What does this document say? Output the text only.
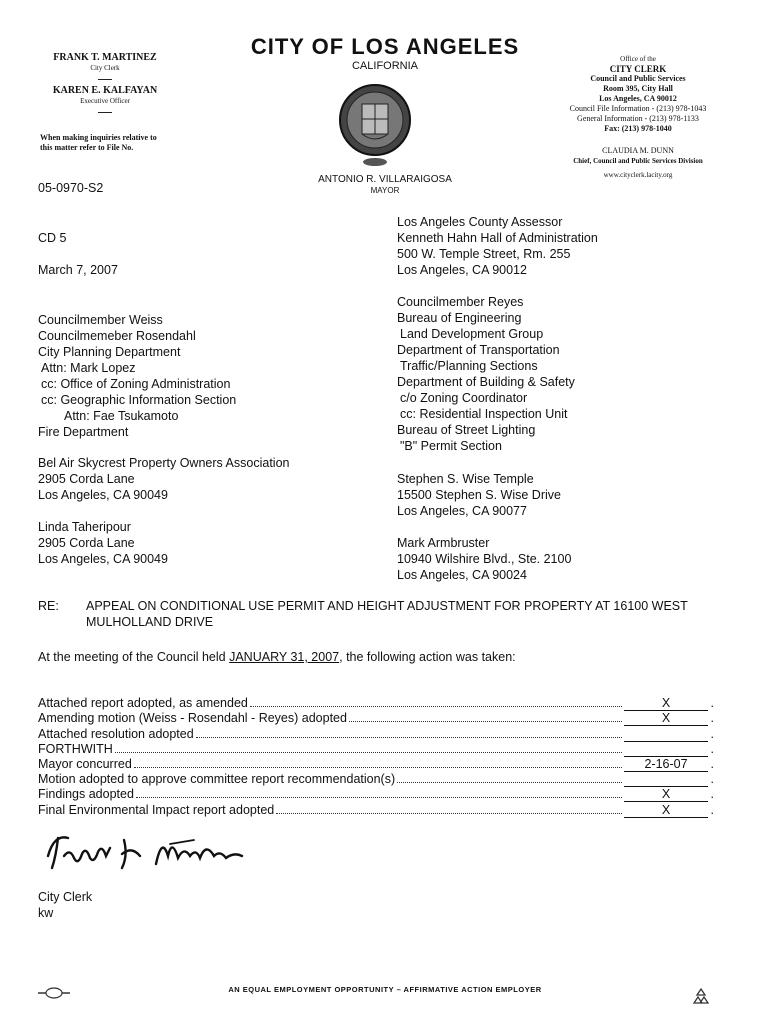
FRANK T. MARTINEZ
City Clerk
KAREN E. KALFAYAN
Executive Officer
When making inquiries relative to this matter refer to File No.
CITY OF LOS ANGELES
CALIFORNIA
ANTONIO R. VILLARAIGOSA
MAYOR
Office of the
CITY CLERK
Council and Public Services
Room 395, City Hall
Los Angeles, CA 90012
Council File Information - (213) 978-1043
General Information - (213) 978-1133
Fax: (213) 978-1040
CLAUDIA M. DUNN
Chief, Council and Public Services Division
www.cityclerk.lacity.org
05-0970-S2
CD 5
March 7, 2007
Councilmember Weiss
Councilmemeber Rosendahl
City Planning Department
Attn: Mark Lopez
cc: Office of Zoning Administration
cc: Geographic Information Section
Attn: Fae Tsukamoto
Fire Department
Bel Air Skycrest Property Owners Association
2905 Corda Lane
Los Angeles, CA 90049
Linda Taheripour
2905 Corda Lane
Los Angeles, CA 90049
Los Angeles County Assessor
Kenneth Hahn Hall of Administration
500 W. Temple Street, Rm. 255
Los Angeles, CA 90012
Councilmember Reyes
Bureau of Engineering
Land Development Group
Department of Transportation
Traffic/Planning Sections
Department of Building & Safety
c/o Zoning Coordinator
cc: Residential Inspection Unit
Bureau of Street Lighting
"B" Permit Section
Stephen S. Wise Temple
15500 Stephen S. Wise Drive
Los Angeles, CA 90077
Mark Armbruster
10940 Wilshire Blvd., Ste. 2100
Los Angeles, CA 90024
RE: APPEAL ON CONDITIONAL USE PERMIT AND HEIGHT ADJUSTMENT FOR PROPERTY AT 16100 WEST MULHOLLAND DRIVE
At the meeting of the Council held JANUARY 31, 2007, the following action was taken:
Attached report adopted, as amended	X	.
Amending motion (Weiss - Rosendahl - Reyes) adopted	X	.
Attached resolution adopted	.
FORTHWITH	.
Mayor concurred	2-16-07	.
Motion adopted to approve committee report recommendation(s)	.
Findings adopted	X	.
Final Environmental Impact report adopted	X	.
City Clerk
kw
AN EQUAL EMPLOYMENT OPPORTUNITY – AFFIRMATIVE ACTION EMPLOYER
